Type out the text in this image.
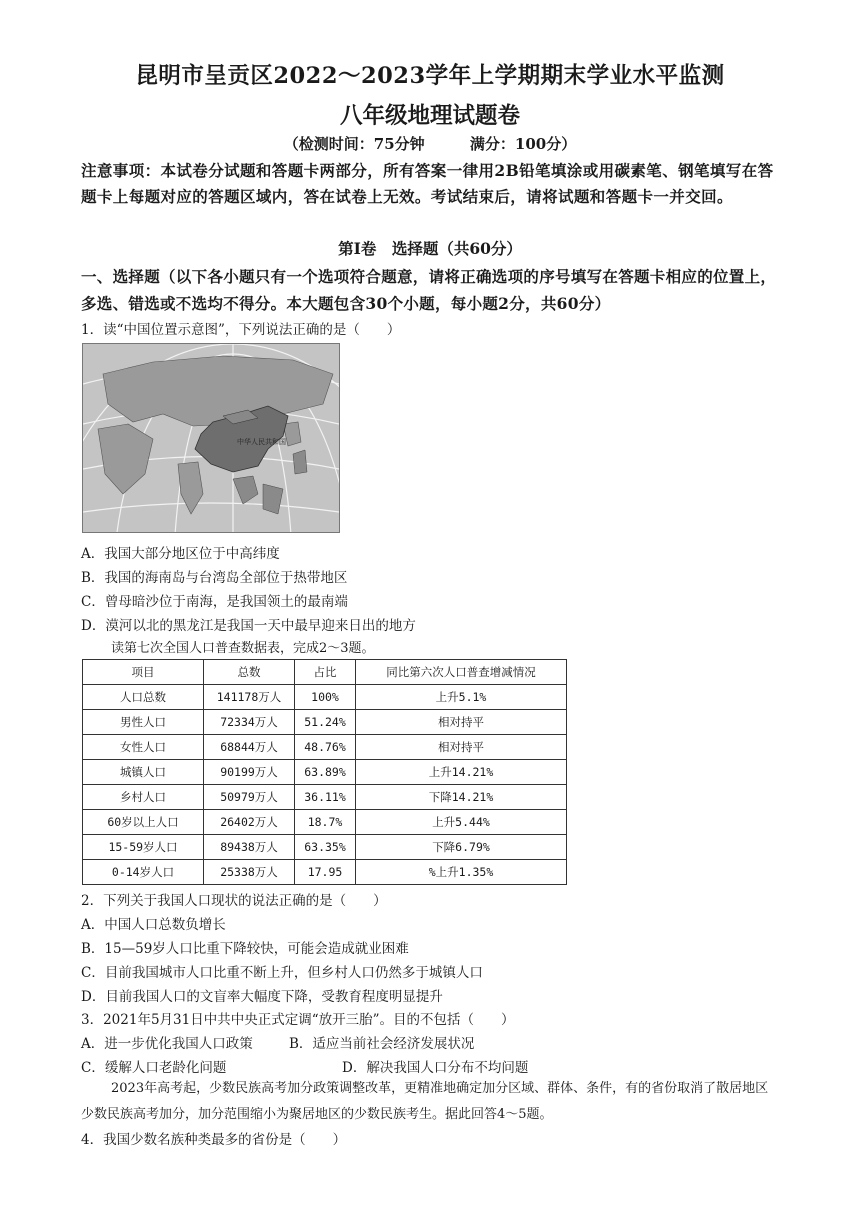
昆明市呈贡区2022～2023学年上学期期末学业水平监测
八年级地理试题卷
（检测时间：75分钟	满分：100分）
注意事项：本试卷分试题和答题卡两部分，所有答案一律用2B铅笔填涂或用碳素笔、钢笔填写在答题卡上每题对应的答题区域内，答在试卷上无效。考试结束后，请将试题和答题卡一并交回。
第Ⅰ卷　选择题（共60分）
一、选择题（以下各小题只有一个选项符合题意，请将正确选项的序号填写在答题卡相应的位置上，多选、错选或不选均不得分。本大题包含30个小题，每小题2分，共60分）
1．读“中国位置示意图”，下列说法正确的是（　　）
中华人民共和国
A．我国大部分地区位于中高纬度
B．我国的海南岛与台湾岛全部位于热带地区
C．曾母暗沙位于南海，是我国领土的最南端
D．漠河以北的黑龙江是我国一天中最早迎来日出的地方
读第七次全国人口普查数据表，完成2～3题。
项目	总数	占比	同比第六次人口普查增减情况
人口总数	141178万人	100%	上升5.1%
男性人口	72334万人	51.24%	相对持平
女性人口	68844万人	48.76%	相对持平
城镇人口	90199万人	63.89%	上升14.21%
乡村人口	50979万人	36.11%	下降14.21%
60岁以上人口	26402万人	18.7%	上升5.44%
15-59岁人口	89438万人	63.35%	下降6.79%
0-14岁人口	25338万人	17.95	%上升1.35%
2．下列关于我国人口现状的说法正确的是（　　）
A．中国人口总数负增长
B．15—59岁人口比重下降较快，可能会造成就业困难
C．目前我国城市人口比重不断上升，但乡村人口仍然多于城镇人口
D．目前我国人口的文盲率大幅度下降，受教育程度明显提升
3．2021年5月31日中共中央正式定调“放开三胎”。目的不包括（　　）
A．进一步优化我国人口政策	B．适应当前社会经济发展状况
C．缓解人口老龄化问题	D．解决我国人口分布不均问题
2023年高考起，少数民族高考加分政策调整改革，更精准地确定加分区域、群体、条件，有的省份取消了散居地区少数民族高考加分，加分范围缩小为聚居地区的少数民族考生。据此回答4～5题。
4．我国少数名族种类最多的省份是（　　）
